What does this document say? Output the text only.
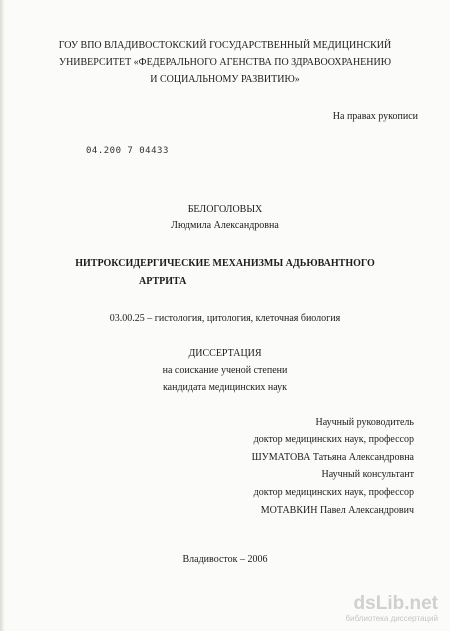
ГОУ ВПО ВЛАДИВОСТОКСКИЙ ГОСУДАРСТВЕННЫЙ МЕДИЦИНСКИЙ
УНИВЕРСИТЕТ «ФЕДЕРАЛЬНОГО АГЕНСТВА ПО ЗДРАВООХРАНЕНИЮ
И СОЦИАЛЬНОМУ РАЗВИТИЮ»
На правах рукописи
04.200 7 04433
БЕЛОГОЛОВЫХ
Людмила Александровна
НИТРОКСИДЕРГИЧЕСКИЕ МЕХАНИЗМЫ АДЬЮВАНТНОГО
АРТРИТА
03.00.25 – гистология, цитология, клеточная биология
ДИССЕРТАЦИЯ
на соискание ученой степени
кандидата медицинских наук
Научный руководитель
доктор медицинских наук, профессор
ШУМАТОВА Татьяна Александровна
Научный консультант
доктор медицинских наук, профессор
МОТАВКИН Павел Александрович
Владивосток – 2006
dsLib.net
библиотека диссертаций
